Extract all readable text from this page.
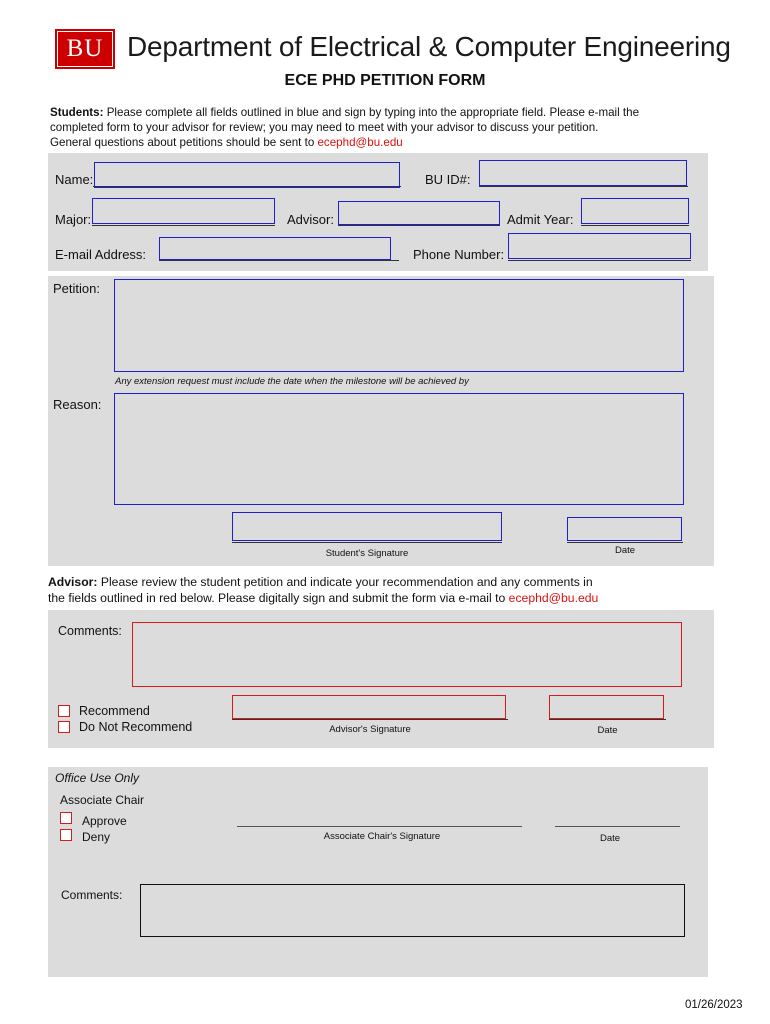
BU Department of Electrical & Computer Engineering
ECE PHD PETITION FORM
Students: Please complete all fields outlined in blue and sign by typing into the appropriate field. Please e-mail the
completed form to your advisor for review; you may need to meet with your advisor to discuss your petition.
General questions about petitions should be sent to ecephd@bu.edu
Name:	BU ID#:
Major:	Advisor:	Admit Year:
E-mail Address:	Phone Number:
Petition:
Any extension request must include the date when the milestone will be achieved by
Reason:
Student's Signature	Date
Advisor: Please review the student petition and indicate your recommendation and any comments in
the fields outlined in red below. Please digitally sign and submit the form via e-mail to ecephd@bu.edu
Comments:
Recommend
Do Not Recommend	Advisor's Signature	Date
Office Use Only
Associate Chair
Approve
Deny	Associate Chair's Signature	Date
Comments:
01/26/2023
